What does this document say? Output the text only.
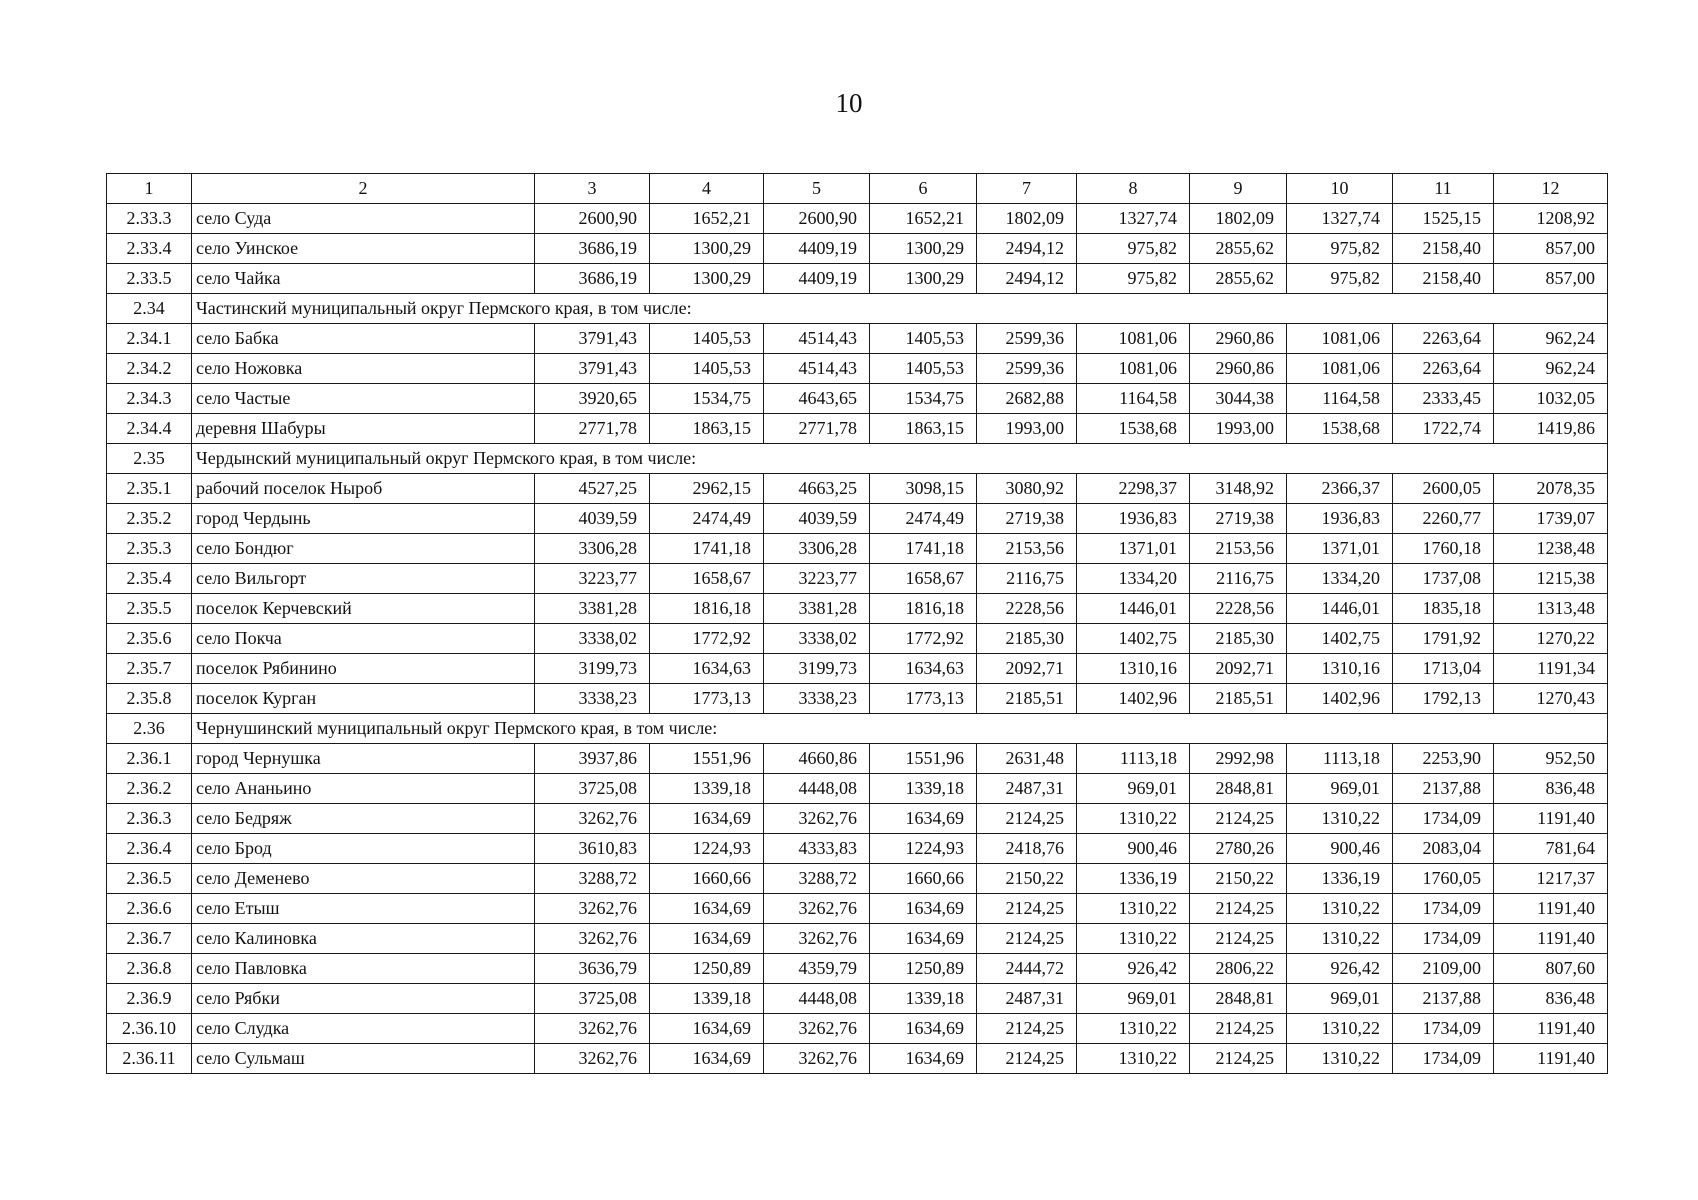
10
1	2	3	4	5	6	7	8	9	10	11	12
2.33.3	село Суда	2600,90	1652,21	2600,90	1652,21	1802,09	1327,74	1802,09	1327,74	1525,15	1208,92
2.33.4	село Уинское	3686,19	1300,29	4409,19	1300,29	2494,12	975,82	2855,62	975,82	2158,40	857,00
2.33.5	село Чайка	3686,19	1300,29	4409,19	1300,29	2494,12	975,82	2855,62	975,82	2158,40	857,00
2.34	Частинский муниципальный округ Пермского края, в том числе:										
2.34.1	село Бабка	3791,43	1405,53	4514,43	1405,53	2599,36	1081,06	2960,86	1081,06	2263,64	962,24
2.34.2	село Ножовка	3791,43	1405,53	4514,43	1405,53	2599,36	1081,06	2960,86	1081,06	2263,64	962,24
2.34.3	село Частые	3920,65	1534,75	4643,65	1534,75	2682,88	1164,58	3044,38	1164,58	2333,45	1032,05
2.34.4	деревня Шабуры	2771,78	1863,15	2771,78	1863,15	1993,00	1538,68	1993,00	1538,68	1722,74	1419,86
2.35	Чердынский муниципальный округ Пермского края, в том числе:										
2.35.1	рабочий поселок Ныроб	4527,25	2962,15	4663,25	3098,15	3080,92	2298,37	3148,92	2366,37	2600,05	2078,35
2.35.2	город Чердынь	4039,59	2474,49	4039,59	2474,49	2719,38	1936,83	2719,38	1936,83	2260,77	1739,07
2.35.3	село Бондюг	3306,28	1741,18	3306,28	1741,18	2153,56	1371,01	2153,56	1371,01	1760,18	1238,48
2.35.4	село Вильгорт	3223,77	1658,67	3223,77	1658,67	2116,75	1334,20	2116,75	1334,20	1737,08	1215,38
2.35.5	поселок Керчевский	3381,28	1816,18	3381,28	1816,18	2228,56	1446,01	2228,56	1446,01	1835,18	1313,48
2.35.6	село Покча	3338,02	1772,92	3338,02	1772,92	2185,30	1402,75	2185,30	1402,75	1791,92	1270,22
2.35.7	поселок Рябинино	3199,73	1634,63	3199,73	1634,63	2092,71	1310,16	2092,71	1310,16	1713,04	1191,34
2.35.8	поселок Курган	3338,23	1773,13	3338,23	1773,13	2185,51	1402,96	2185,51	1402,96	1792,13	1270,43
2.36	Чернушинский муниципальный округ Пермского края, в том числе:										
2.36.1	город Чернушка	3937,86	1551,96	4660,86	1551,96	2631,48	1113,18	2992,98	1113,18	2253,90	952,50
2.36.2	село Ананьино	3725,08	1339,18	4448,08	1339,18	2487,31	969,01	2848,81	969,01	2137,88	836,48
2.36.3	село Бедряж	3262,76	1634,69	3262,76	1634,69	2124,25	1310,22	2124,25	1310,22	1734,09	1191,40
2.36.4	село Брод	3610,83	1224,93	4333,83	1224,93	2418,76	900,46	2780,26	900,46	2083,04	781,64
2.36.5	село Деменево	3288,72	1660,66	3288,72	1660,66	2150,22	1336,19	2150,22	1336,19	1760,05	1217,37
2.36.6	село Етыш	3262,76	1634,69	3262,76	1634,69	2124,25	1310,22	2124,25	1310,22	1734,09	1191,40
2.36.7	село Калиновка	3262,76	1634,69	3262,76	1634,69	2124,25	1310,22	2124,25	1310,22	1734,09	1191,40
2.36.8	село Павловка	3636,79	1250,89	4359,79	1250,89	2444,72	926,42	2806,22	926,42	2109,00	807,60
2.36.9	село Рябки	3725,08	1339,18	4448,08	1339,18	2487,31	969,01	2848,81	969,01	2137,88	836,48
2.36.10	село Слудка	3262,76	1634,69	3262,76	1634,69	2124,25	1310,22	2124,25	1310,22	1734,09	1191,40
2.36.11	село Сульмаш	3262,76	1634,69	3262,76	1634,69	2124,25	1310,22	2124,25	1310,22	1734,09	1191,40
